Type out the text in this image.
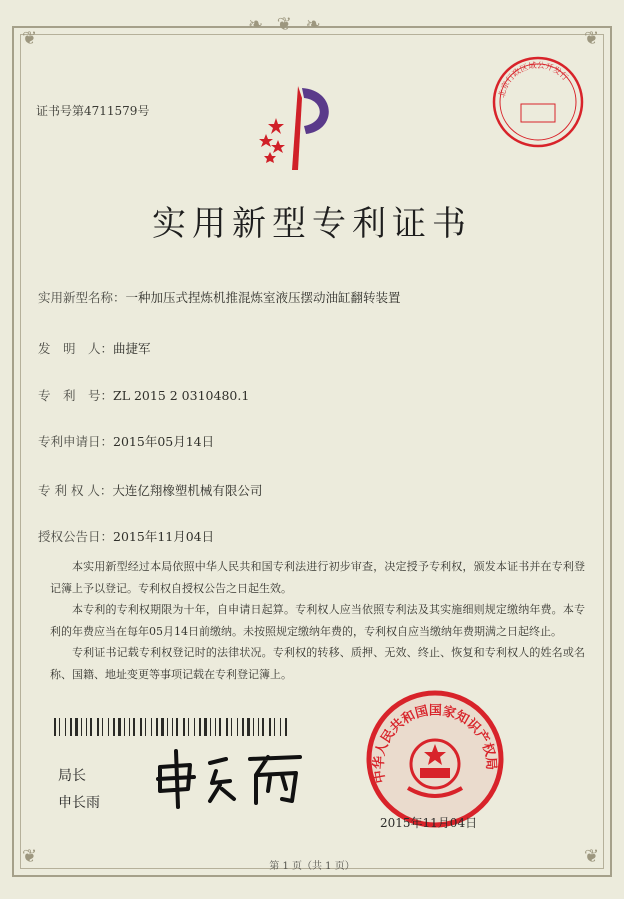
❦	❦
❦	❦
❧ ❦ ❧
证书号第4711579号
北京行政区域公开发行
实用新型专利证书
实用新型名称：一种加压式捏炼机推混炼室液压摆动油缸翻转装置
发　明　人：曲捷军
专　利　号：ZL 2015 2 0310480.1
专利申请日：2015年05月14日
专 利 权 人：大连亿翔橡塑机械有限公司
授权公告日：2015年11月04日

本实用新型经过本局依照中华人民共和国专利法进行初步审查，决定授予专利权，颁发本证书并在专利登记簿上予以登记。专利权自授权公告之日起生效。

本专利的专利权期限为十年，自申请日起算。专利权人应当依照专利法及其实施细则规定缴纳年费。本专利的年费应当在每年05月14日前缴纳。未按照规定缴纳年费的，专利权自应当缴纳年费期满之日起终止。

专利证书记载专利权登记时的法律状况。专利权的转移、质押、无效、终止、恢复和专利权人的姓名或名称、国籍、地址变更等事项记载在专利登记簿上。

局长
申长雨
中华人民共和国国家知识产权局
2015年11月04日
第 1 页（共 1 页）
